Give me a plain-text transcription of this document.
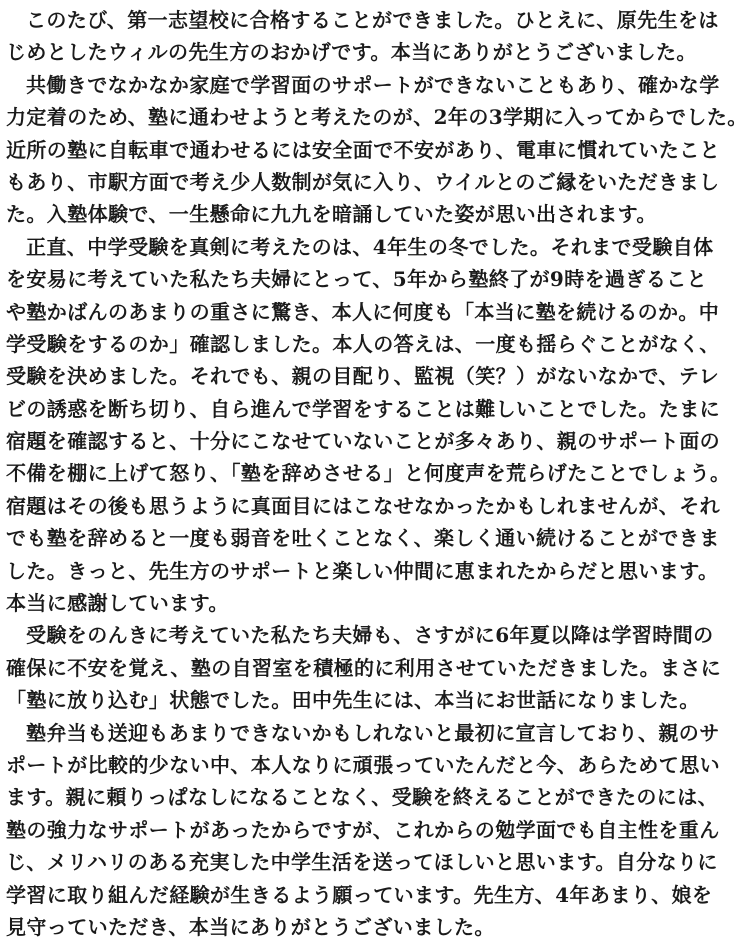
このたび、第一志望校に合格することができました。ひとえに、原先生をは
じめとしたウィルの先生方のおかげです。本当にありがとうございました。
共働きでなかなか家庭で学習面のサポートができないこともあり、確かな学
力定着のため、塾に通わせようと考えたのが、2年の3学期に入ってからでした。
近所の塾に自転車で通わせるには安全面で不安があり、電車に慣れていたこと
もあり、市駅方面で考え少人数制が気に入り、ウイルとのご縁をいただきまし
た。入塾体験で、一生懸命に九九を暗誦していた姿が思い出されます。
正直、中学受験を真剣に考えたのは、4年生の冬でした。それまで受験自体
を安易に考えていた私たち夫婦にとって、5年から塾終了が9時を過ぎること
や塾かばんのあまりの重さに驚き、本人に何度も「本当に塾を続けるのか。中
学受験をするのか」確認しました。本人の答えは、一度も揺らぐことがなく、
受験を決めました。それでも、親の目配り、監視（笑？）がないなかで、テレ
ビの誘惑を断ち切り、自ら進んで学習をすることは難しいことでした。たまに
宿題を確認すると、十分にこなせていないことが多々あり、親のサポート面の
不備を棚に上げて怒り、「塾を辞めさせる」と何度声を荒らげたことでしょう。
宿題はその後も思うように真面目にはこなせなかったかもしれませんが、それ
でも塾を辞めると一度も弱音を吐くことなく、楽しく通い続けることができま
した。きっと、先生方のサポートと楽しい仲間に恵まれたからだと思います。
本当に感謝しています。
受験をのんきに考えていた私たち夫婦も、さすがに6年夏以降は学習時間の
確保に不安を覚え、塾の自習室を積極的に利用させていただきました。まさに
「塾に放り込む」状態でした。田中先生には、本当にお世話になりました。
塾弁当も送迎もあまりできないかもしれないと最初に宣言しており、親のサ
ポートが比較的少ない中、本人なりに頑張っていたんだと今、あらためて思い
ます。親に頼りっぱなしになることなく、受験を終えることができたのには、
塾の強力なサポートがあったからですが、これからの勉学面でも自主性を重ん
じ、メリハリのある充実した中学生活を送ってほしいと思います。自分なりに
学習に取り組んだ経験が生きるよう願っています。先生方、4年あまり、娘を
見守っていただき、本当にありがとうございました。
